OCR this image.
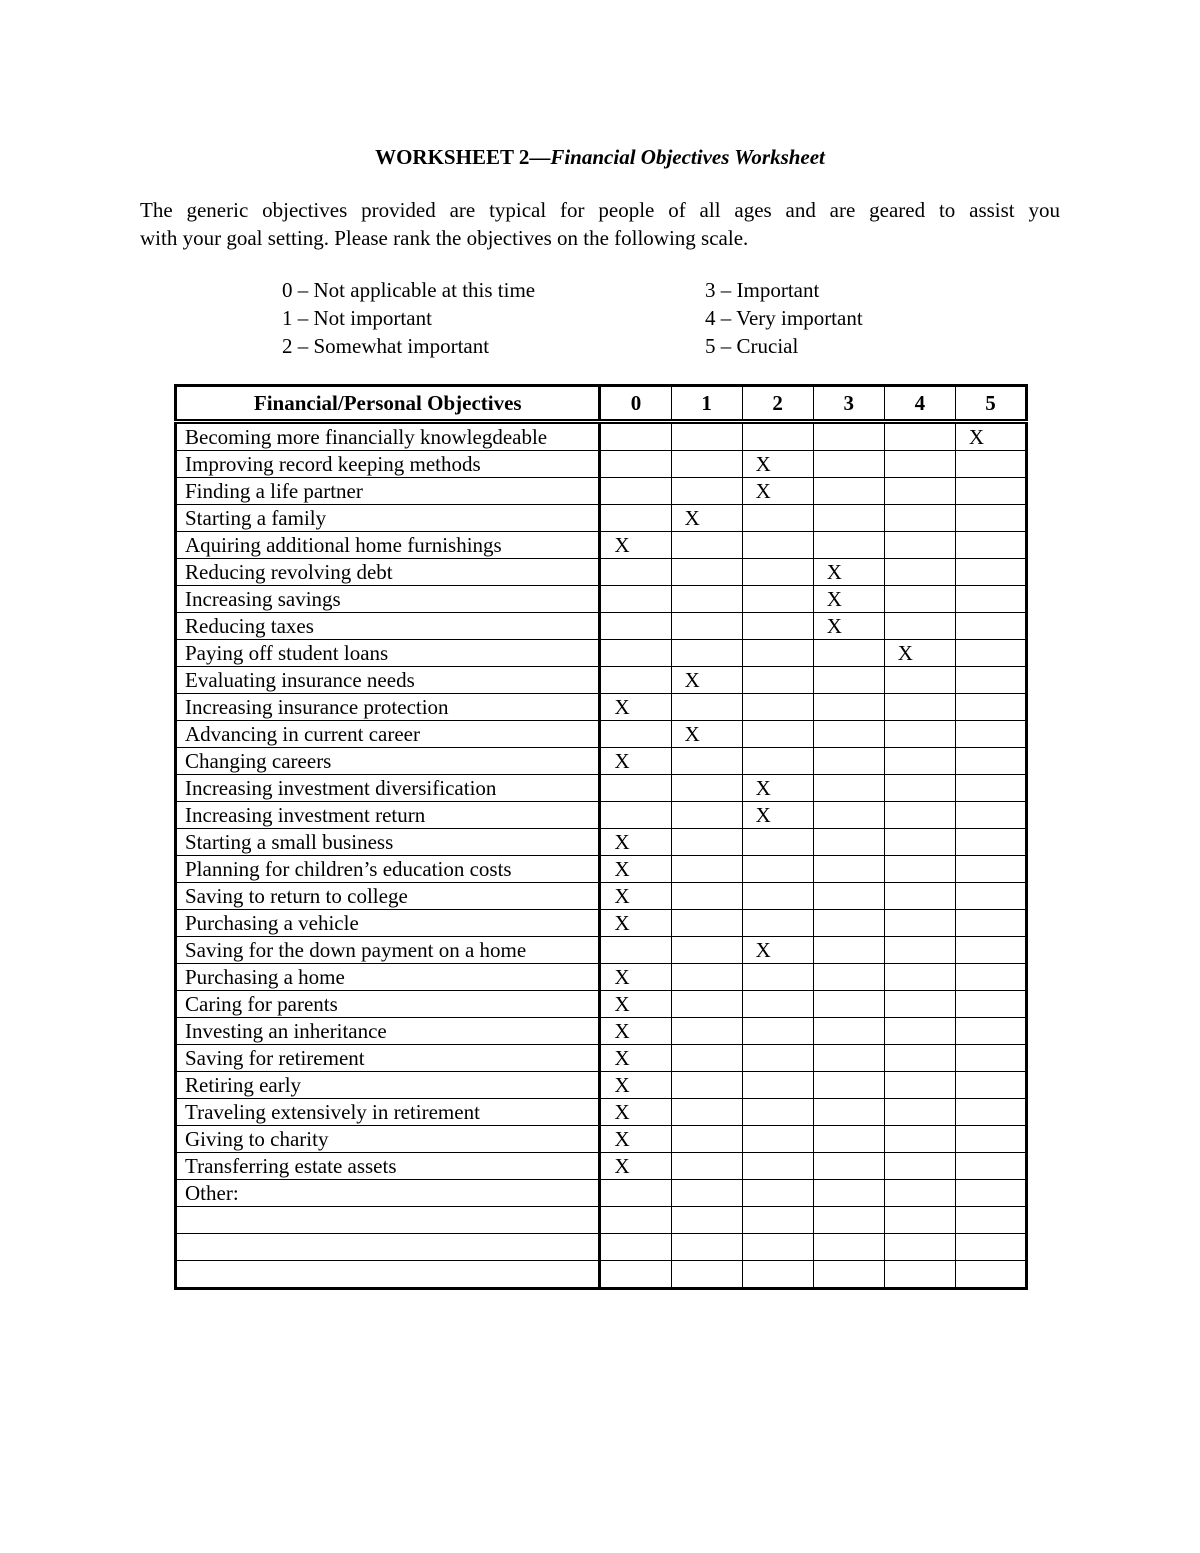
WORKSHEET 2—Financial Objectives Worksheet
The generic objectives provided are typical for people of all ages and are geared to assist you
with your goal setting. Please rank the objectives on the following scale.
0 – Not applicable at this time
1 – Not important
2 – Somewhat important
3 – Important
4 – Very important
5 – Crucial
Financial/Personal Objectives	0	1	2	3	4	5
Becoming more financially knowlegdeable						X
Improving record keeping methods			X			
Finding a life partner			X			
Starting a family		X				
Aquiring additional home furnishings	X					
Reducing revolving debt				X		
Increasing savings				X		
Reducing taxes				X		
Paying off student loans					X	
Evaluating insurance needs		X				
Increasing insurance protection	X					
Advancing in current career		X				
Changing careers	X					
Increasing investment diversification			X			
Increasing investment return			X			
Starting a small business	X					
Planning for children’s education costs	X					
Saving to return to college	X					
Purchasing a vehicle	X					
Saving for the down payment on a home			X			
Purchasing a home	X					
Caring for parents	X					
Investing an inheritance	X					
Saving for retirement	X					
Retiring early	X					
Traveling extensively in retirement	X					
Giving to charity	X					
Transferring estate assets	X					
Other:						
